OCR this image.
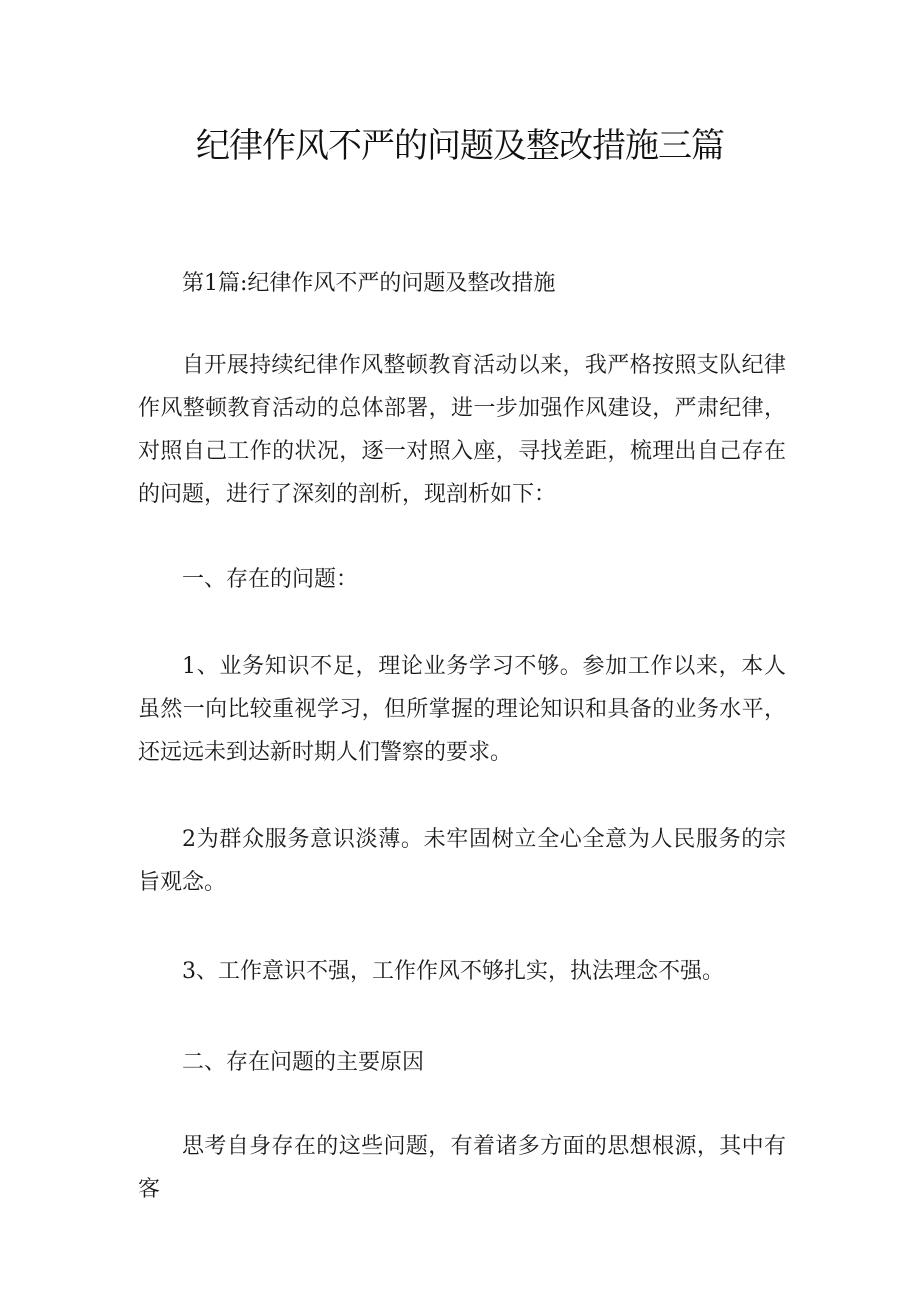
纪律作风不严的问题及整改措施三篇

第1篇:纪律作风不严的问题及整改措施

自开展持续纪律作风整顿教育活动以来，我严格按照支队纪律作风整顿教育活动的总体部署，进一步加强作风建设，严肃纪律，对照自己工作的状况，逐一对照入座，寻找差距，梳理出自己存在的问题，进行了深刻的剖析，现剖析如下：

一、存在的问题：

1、业务知识不足，理论业务学习不够。参加工作以来，本人虽然一向比较重视学习，但所掌握的理论知识和具备的业务水平，还远远未到达新时期人们警察的要求。

2为群众服务意识淡薄。未牢固树立全心全意为人民服务的宗旨观念。

3、工作意识不强，工作作风不够扎实，执法理念不强。

二、存在问题的主要原因

思考自身存在的这些问题，有着诸多方面的思想根源，其中有客
